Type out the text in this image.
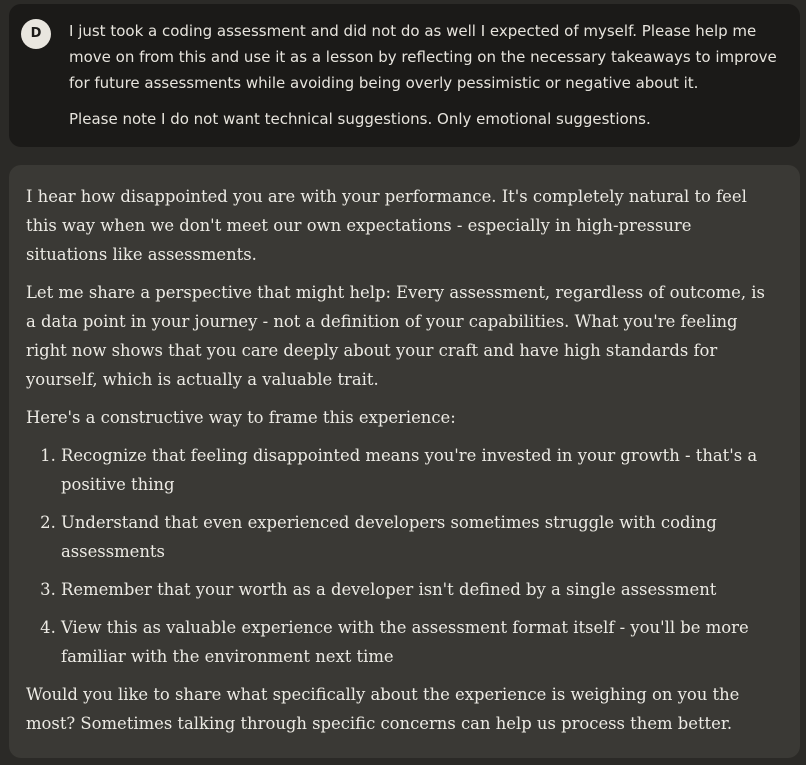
D	I just took a coding assessment and did not do as well I expected of myself. Please help me move on from this and use it as a lesson by reflecting on the necessary takeaways to improve for future assessments while avoiding being overly pessimistic or negative about it.

Please note I do not want technical suggestions. Only emotional suggestions.

I hear how disappointed you are with your performance. It's completely natural to feel this way when we don't meet our own expectations - especially in high-pressure situations like assessments.

Let me share a perspective that might help: Every assessment, regardless of outcome, is a data point in your journey - not a definition of your capabilities. What you're feeling right now shows that you care deeply about your craft and have high standards for yourself, which is actually a valuable trait.

Here's a constructive way to frame this experience:

1. Recognize that feeling disappointed means you're invested in your growth - that's a positive thing
2. Understand that even experienced developers sometimes struggle with coding assessments
3. Remember that your worth as a developer isn't defined by a single assessment
4. View this as valuable experience with the assessment format itself - you'll be more familiar with the environment next time

Would you like to share what specifically about the experience is weighing on you the most? Sometimes talking through specific concerns can help us process them better.
